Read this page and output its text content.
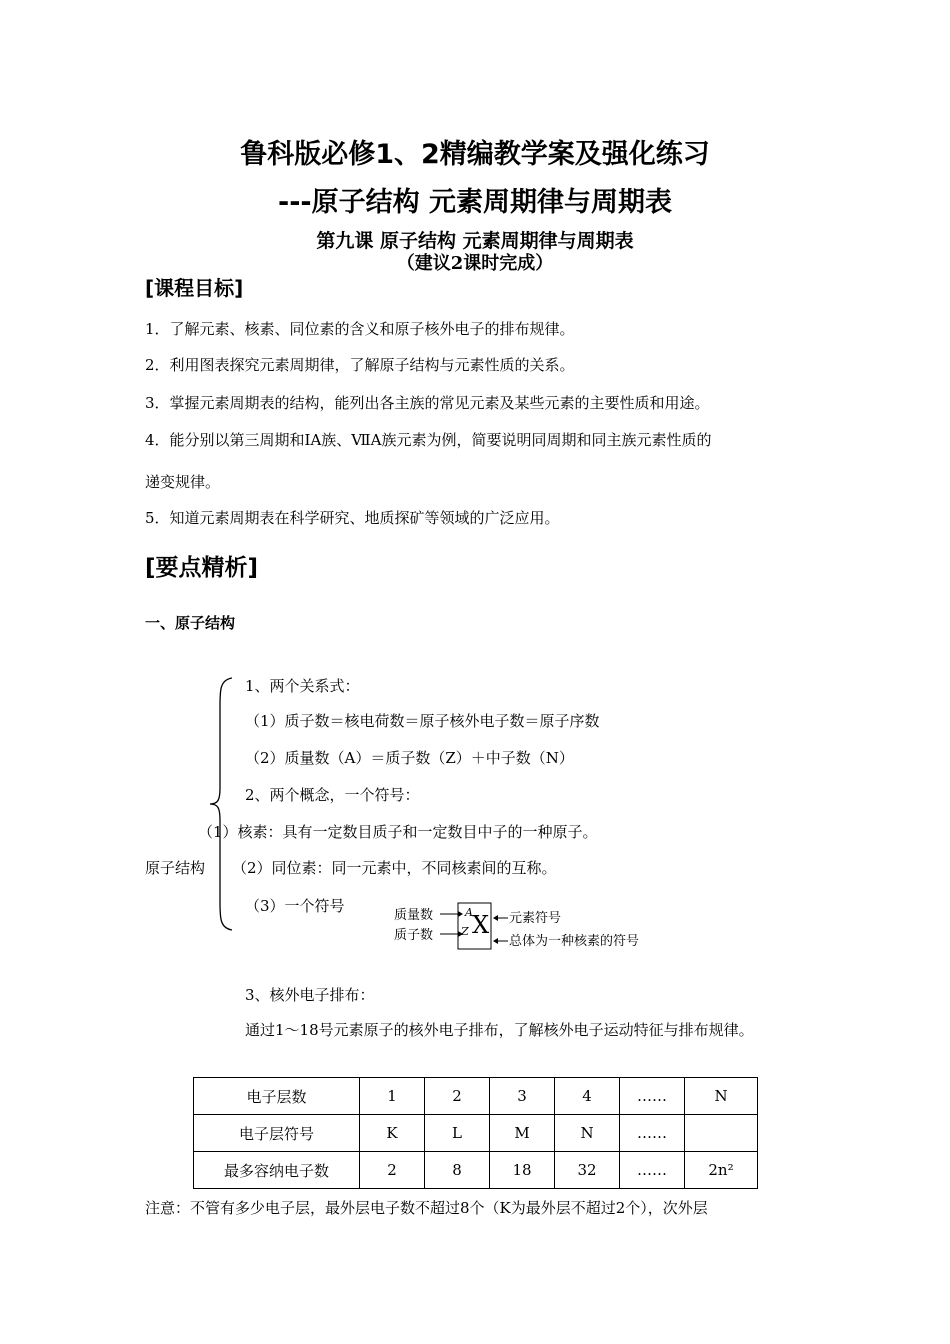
鲁科版必修1、2精编教学案及强化练习
---原子结构 元素周期律与周期表
第九课 原子结构 元素周期律与周期表
（建议2课时完成）
[课程目标]
1．了解元素、核素、同位素的含义和原子核外电子的排布规律。
2．利用图表探究元素周期律，了解原子结构与元素性质的关系。
3．掌握元素周期表的结构，能列出各主族的常见元素及某些元素的主要性质和用途。
4．能分别以第三周期和ⅠA族、ⅦA族元素为例，简要说明同周期和同主族元素性质的
递变规律。
5．知道元素周期表在科学研究、地质探矿等领域的广泛应用。
[要点精析]
一、原子结构
原子结构
1、两个关系式：
（1）质子数＝核电荷数＝原子核外电子数＝原子序数
（2）质量数（A）＝质子数（Z）＋中子数（N）
2、两个概念，一个符号：
（1）核素：具有一定数目质子和一定数目中子的一种原子。
（2）同位素：同一元素中，不同核素间的互称。
（3）一个符号
质量数
质子数
A
Z X 元素符号
总体为一种核素的符号
3、核外电子排布：
通过1～18号元素原子的核外电子排布，了解核外电子运动特征与排布规律。
电子层数	1	2	3	4	……	N
电子层符号	K	L	M	N	……	
最多容纳电子数	2	8	18	32	……	2n²
注意：不管有多少电子层，最外层电子数不超过8个（K为最外层不超过2个），次外层
